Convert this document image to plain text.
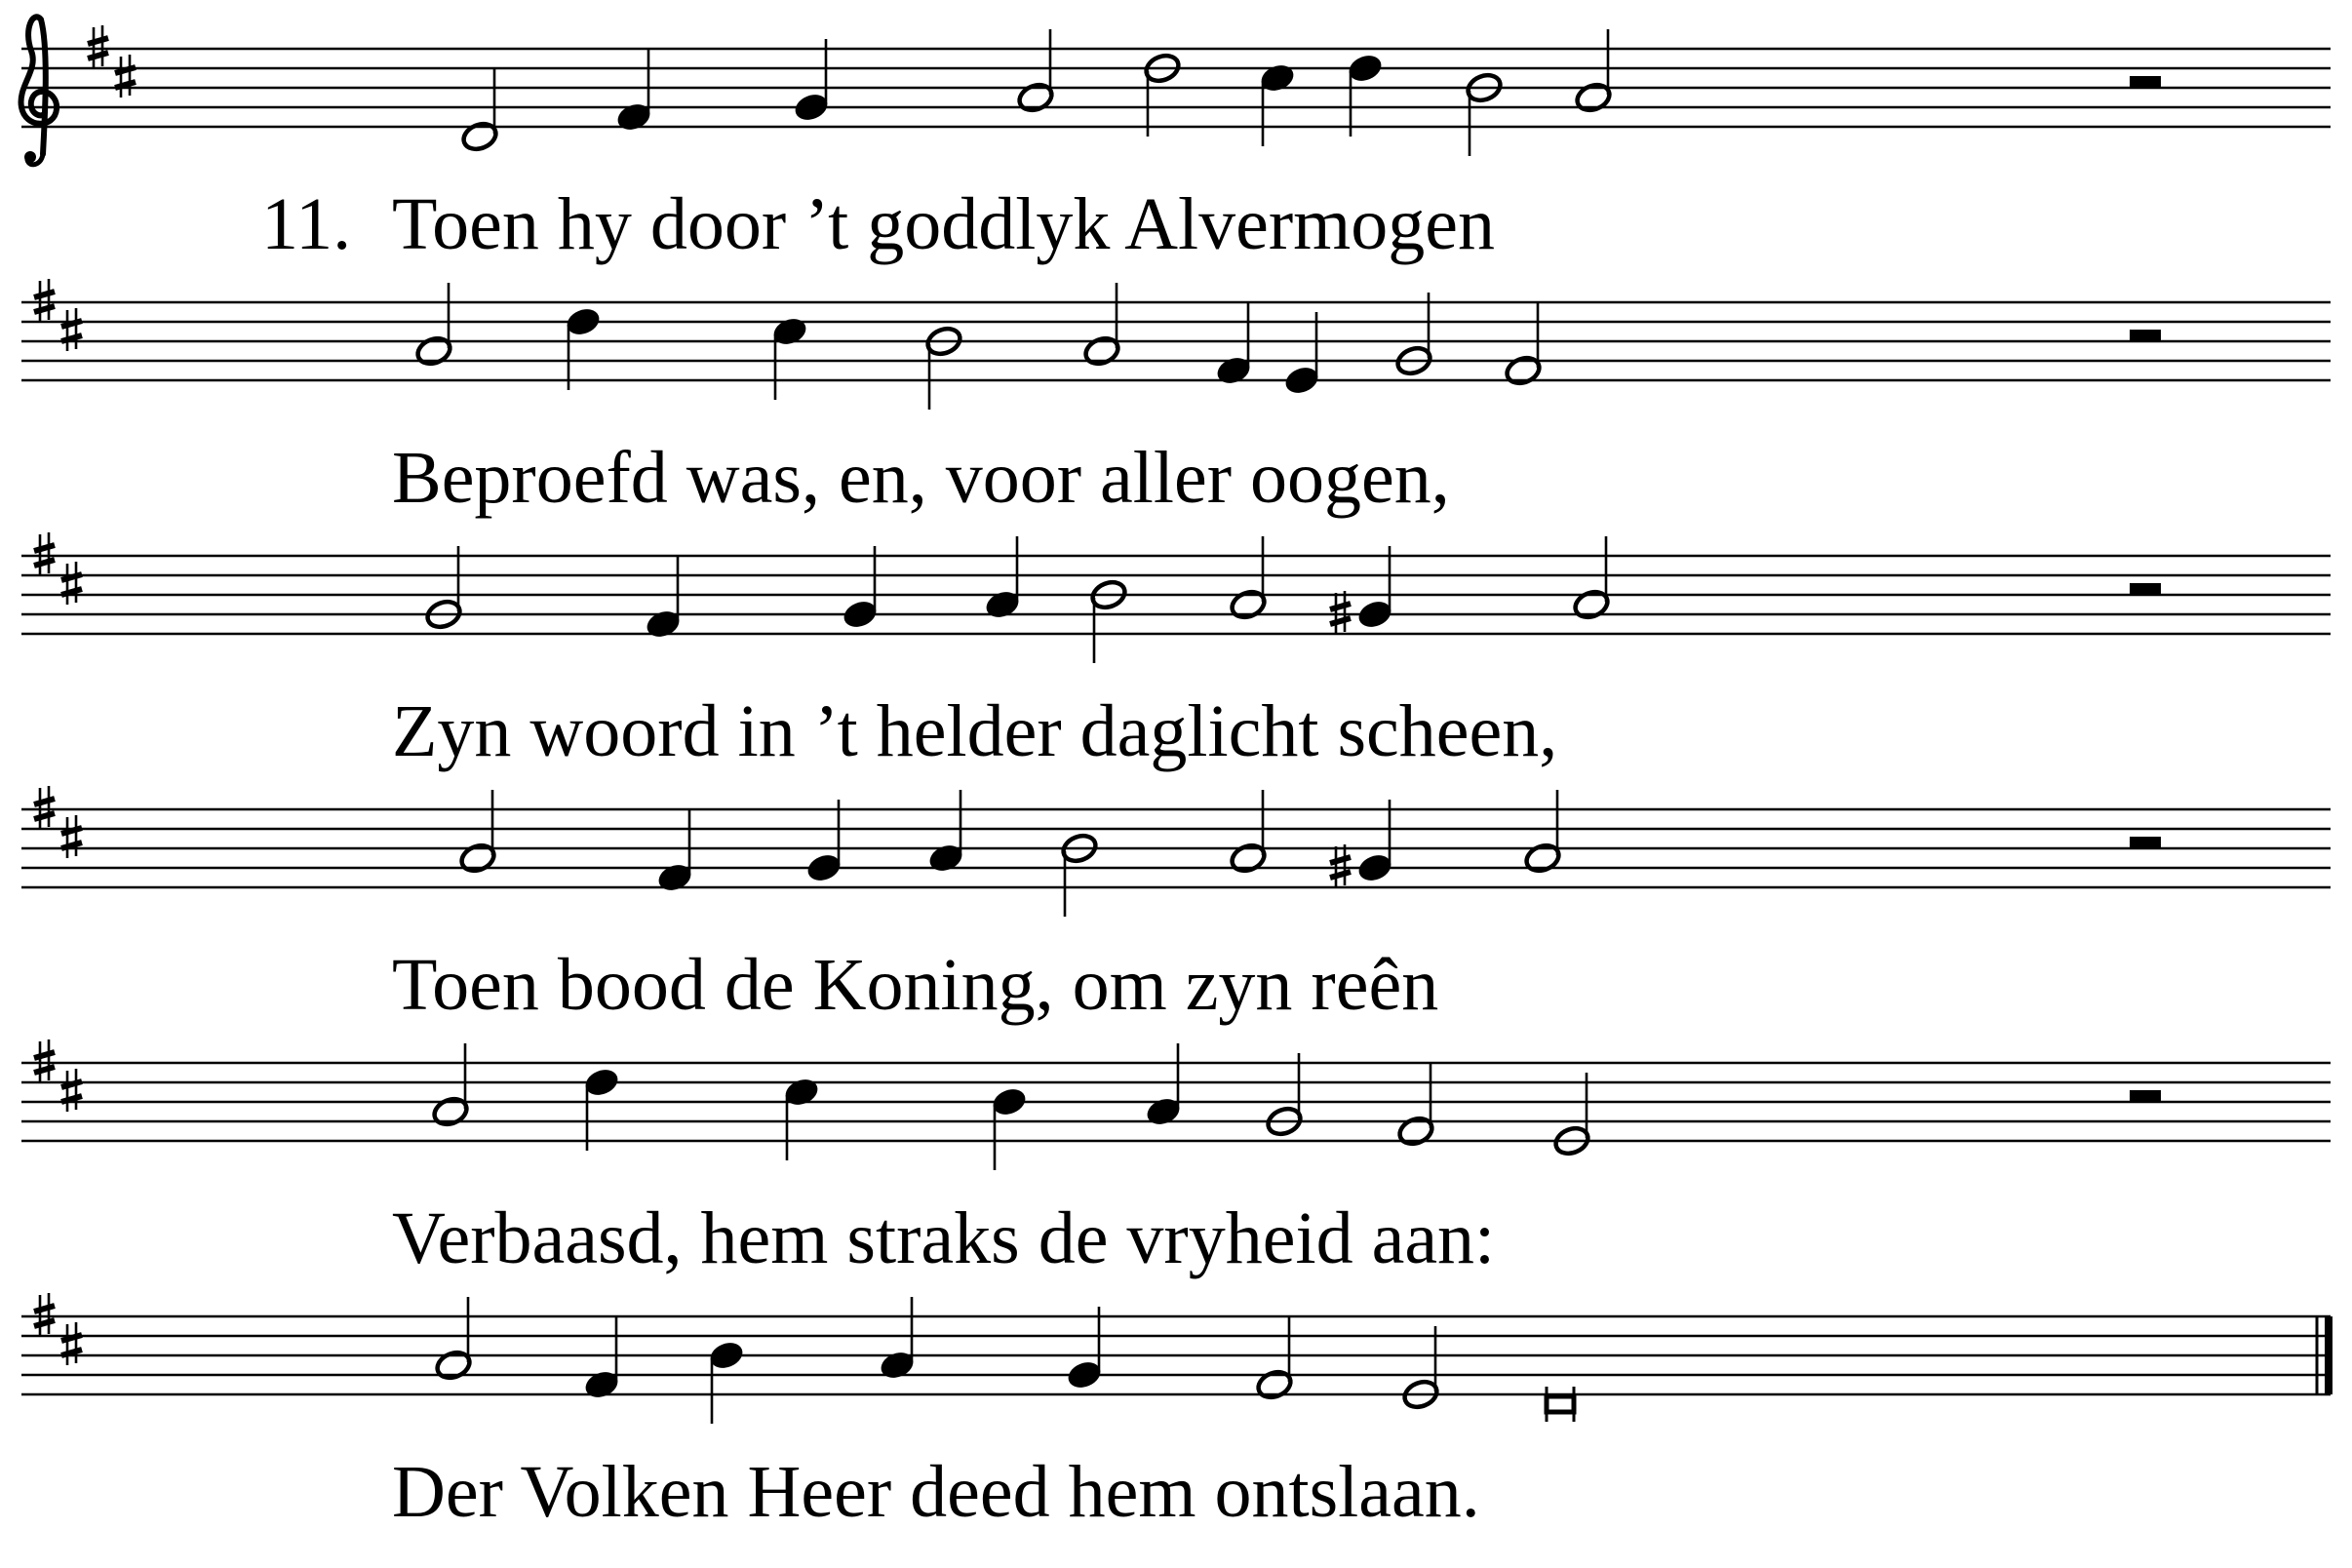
11. Toen hy door ’t goddlyk Alvermogen
Beproefd was, en, voor aller oogen,
Zyn woord in ’t helder daglicht scheen,
Toen bood de Koning, om zyn reên
Verbaasd, hem straks de vryheid aan:
Der Volken Heer deed hem ontslaan.
